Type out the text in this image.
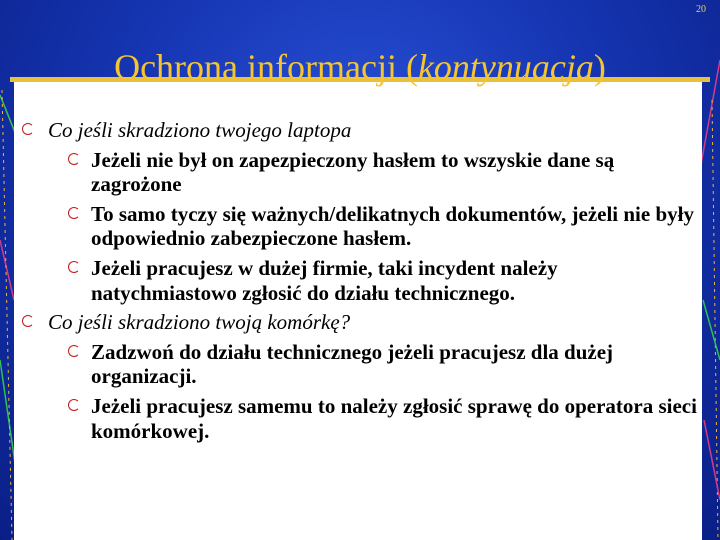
20
Ochrona informacji (kontynuacja)
Co jeśli skradziono twojego laptopa
Jeżeli nie był on zapezpieczony hasłem to wszyskie dane są zagrożone
To samo tyczy się ważnych/delikatnych dokumentów, jeżeli nie były odpowiednio zabezpieczone hasłem.
Jeżeli pracujesz w dużej firmie, taki incydent należy natychmiastowo zgłosić do działu technicznego.
Co jeśli skradziono twoją komórkę?
Zadzwoń do działu technicznego jeżeli pracujesz dla dużej organizacji.
Jeżeli pracujesz samemu to należy zgłosić sprawę do operatora sieci komórkowej.
